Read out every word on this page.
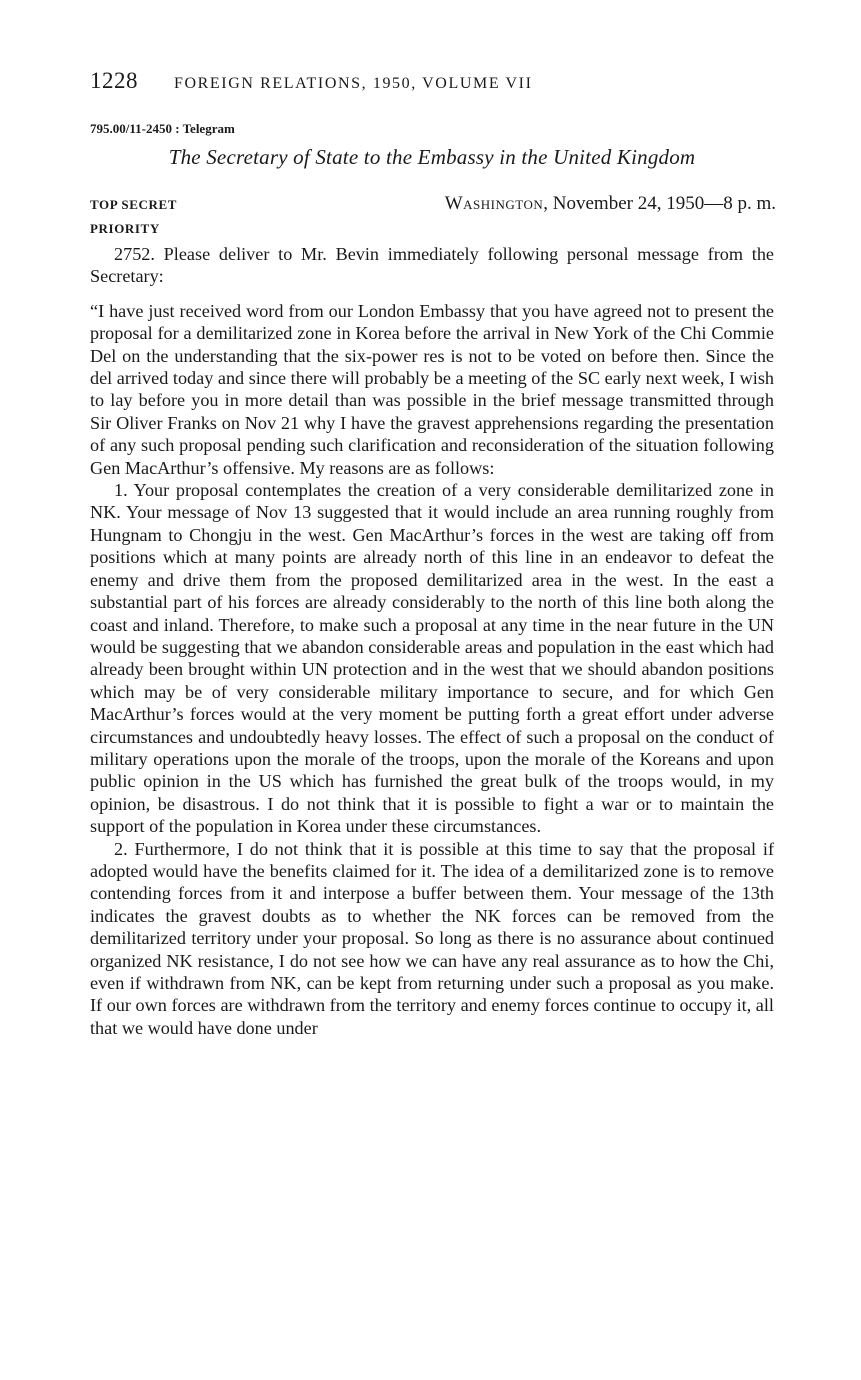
1228 FOREIGN RELATIONS, 1950, VOLUME VII
795.00/11-2450 : Telegram
The Secretary of State to the Embassy in the United Kingdom
TOP SECRET
PRIORITY
Washington, November 24, 1950—8 p. m.

2752. Please deliver to Mr. Bevin immediately following personal message from the Secretary:

“I have just received word from our London Embassy that you have agreed not to present the proposal for a demilitarized zone in Korea before the arrival in New York of the Chi Commie Del on the understanding that the six-power res is not to be voted on before then. Since the del arrived today and since there will probably be a meeting of the SC early next week, I wish to lay before you in more detail than was possible in the brief message transmitted through Sir Oliver Franks on Nov 21 why I have the gravest apprehensions regarding the presentation of any such proposal pending such clarification and reconsideration of the situation following Gen MacArthur’s offensive. My reasons are as follows:

1. Your proposal contemplates the creation of a very considerable demilitarized zone in NK. Your message of Nov 13 suggested that it would include an area running roughly from Hungnam to Chongju in the west. Gen MacArthur’s forces in the west are taking off from positions which at many points are already north of this line in an endeavor to defeat the enemy and drive them from the proposed demilitarized area in the west. In the east a substantial part of his forces are already considerably to the north of this line both along the coast and inland. Therefore, to make such a proposal at any time in the near future in the UN would be suggesting that we abandon considerable areas and population in the east which had already been brought within UN protection and in the west that we should abandon positions which may be of very considerable military importance to secure, and for which Gen MacArthur’s forces would at the very moment be putting forth a great effort under adverse circumstances and undoubtedly heavy losses. The effect of such a proposal on the conduct of military operations upon the morale of the troops, upon the morale of the Koreans and upon public opinion in the US which has furnished the great bulk of the troops would, in my opinion, be disastrous. I do not think that it is possible to fight a war or to maintain the support of the population in Korea under these circumstances.

2. Furthermore, I do not think that it is possible at this time to say that the proposal if adopted would have the benefits claimed for it. The idea of a demilitarized zone is to remove contending forces from it and interpose a buffer between them. Your message of the 13th indicates the gravest doubts as to whether the NK forces can be removed from the demilitarized territory under your proposal. So long as there is no assurance about continued organized NK resistance, I do not see how we can have any real assurance as to how the Chi, even if withdrawn from NK, can be kept from returning under such a proposal as you make. If our own forces are withdrawn from the territory and enemy forces continue to occupy it, all that we would have done under
